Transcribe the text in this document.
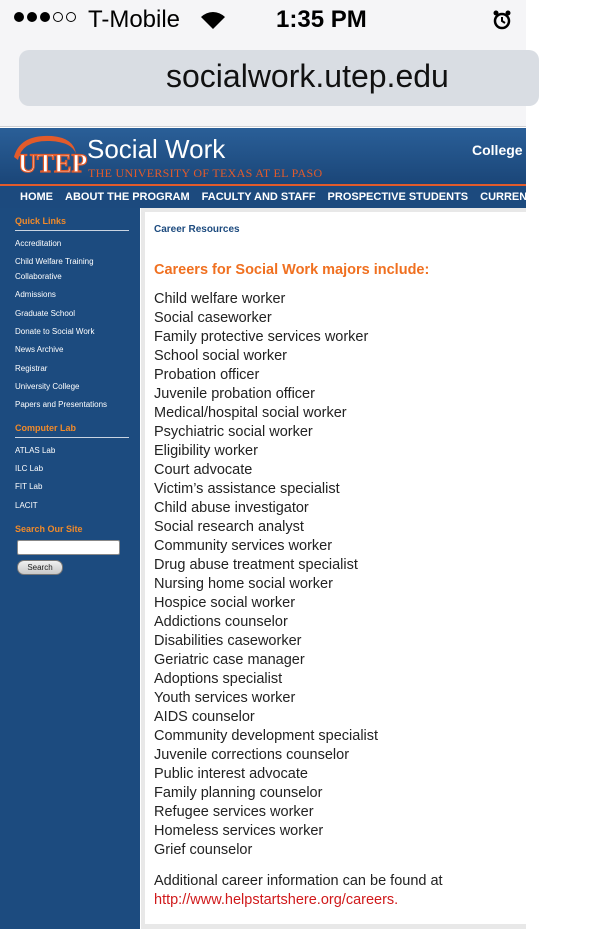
T-Mobile	1:35 PM
socialwork.utep.edu
UTEP Social Work
THE UNIVERSITY OF TEXAS AT EL PASO
College o
HOME ABOUT THE PROGRAM FACULTY AND STAFF PROSPECTIVE STUDENTS CURRENT STUDENT
Quick Links
Accreditation
Child Welfare Training
Collaborative
Admissions
Graduate School
Donate to Social Work
News Archive
Registrar
University College
Papers and Presentations
Computer Lab
ATLAS Lab
ILC Lab
FIT Lab
LACIT
Search Our Site
Search
Career Resources
Careers for Social Work majors include:
Child welfare worker
Social caseworker
Family protective services worker
School social worker
Probation officer
Juvenile probation officer
Medical/hospital social worker
Psychiatric social worker
Eligibility worker
Court advocate
Victim’s assistance specialist
Child abuse investigator
Social research analyst
Community services worker
Drug abuse treatment specialist
Nursing home social worker
Hospice social worker
Addictions counselor
Disabilities caseworker
Geriatric case manager
Adoptions specialist
Youth services worker
AIDS counselor
Community development specialist
Juvenile corrections counselor
Public interest advocate
Family planning counselor
Refugee services worker
Homeless services worker
Grief counselor
Additional career information can be found at
http://www.helpstartshere.org/careers.
